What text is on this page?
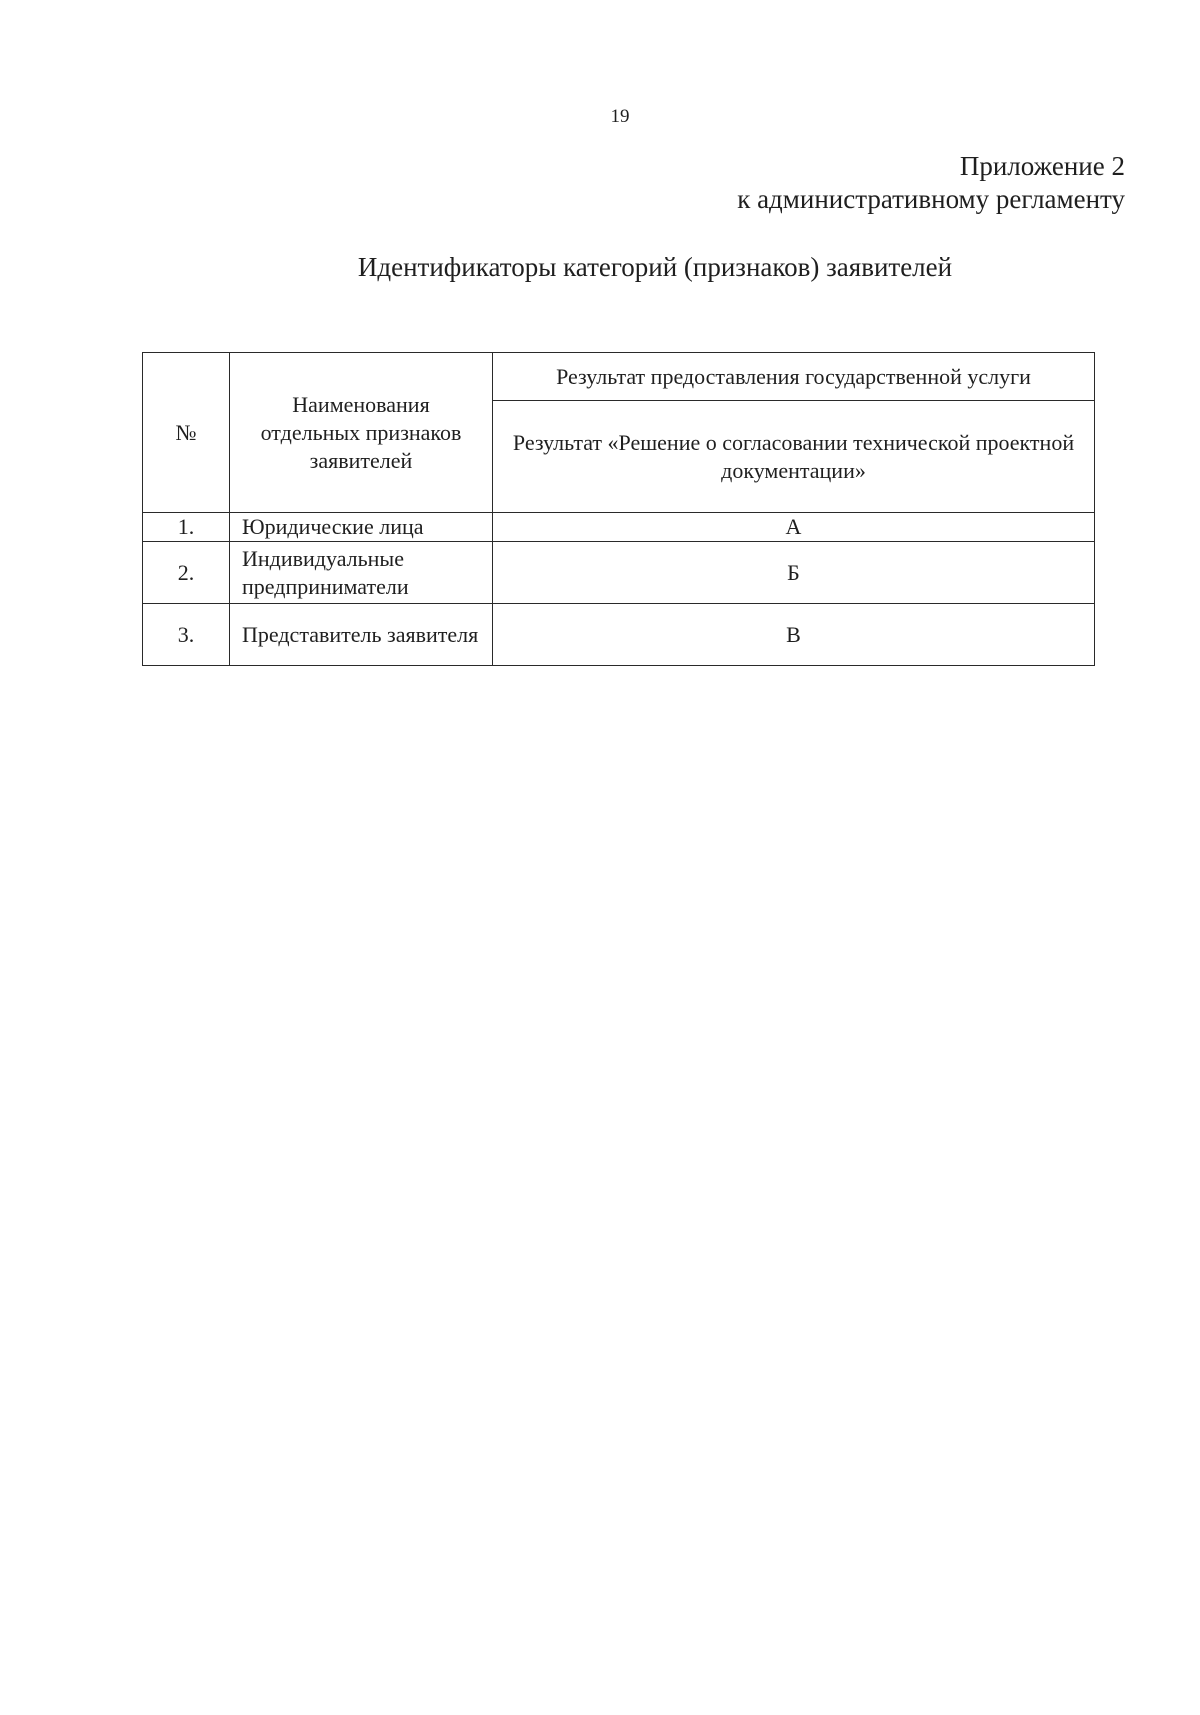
19
Приложение 2
к административному регламенту
Идентификаторы категорий (признаков) заявителей
№	Наименования отдельных признаков заявителей	Результат предоставления государственной услуги
		Результат «Решение о согласовании технической проектной документации»
1.	Юридические лица	А
2.	Индивидуальные предприниматели	Б
3.	Представитель заявителя	В
